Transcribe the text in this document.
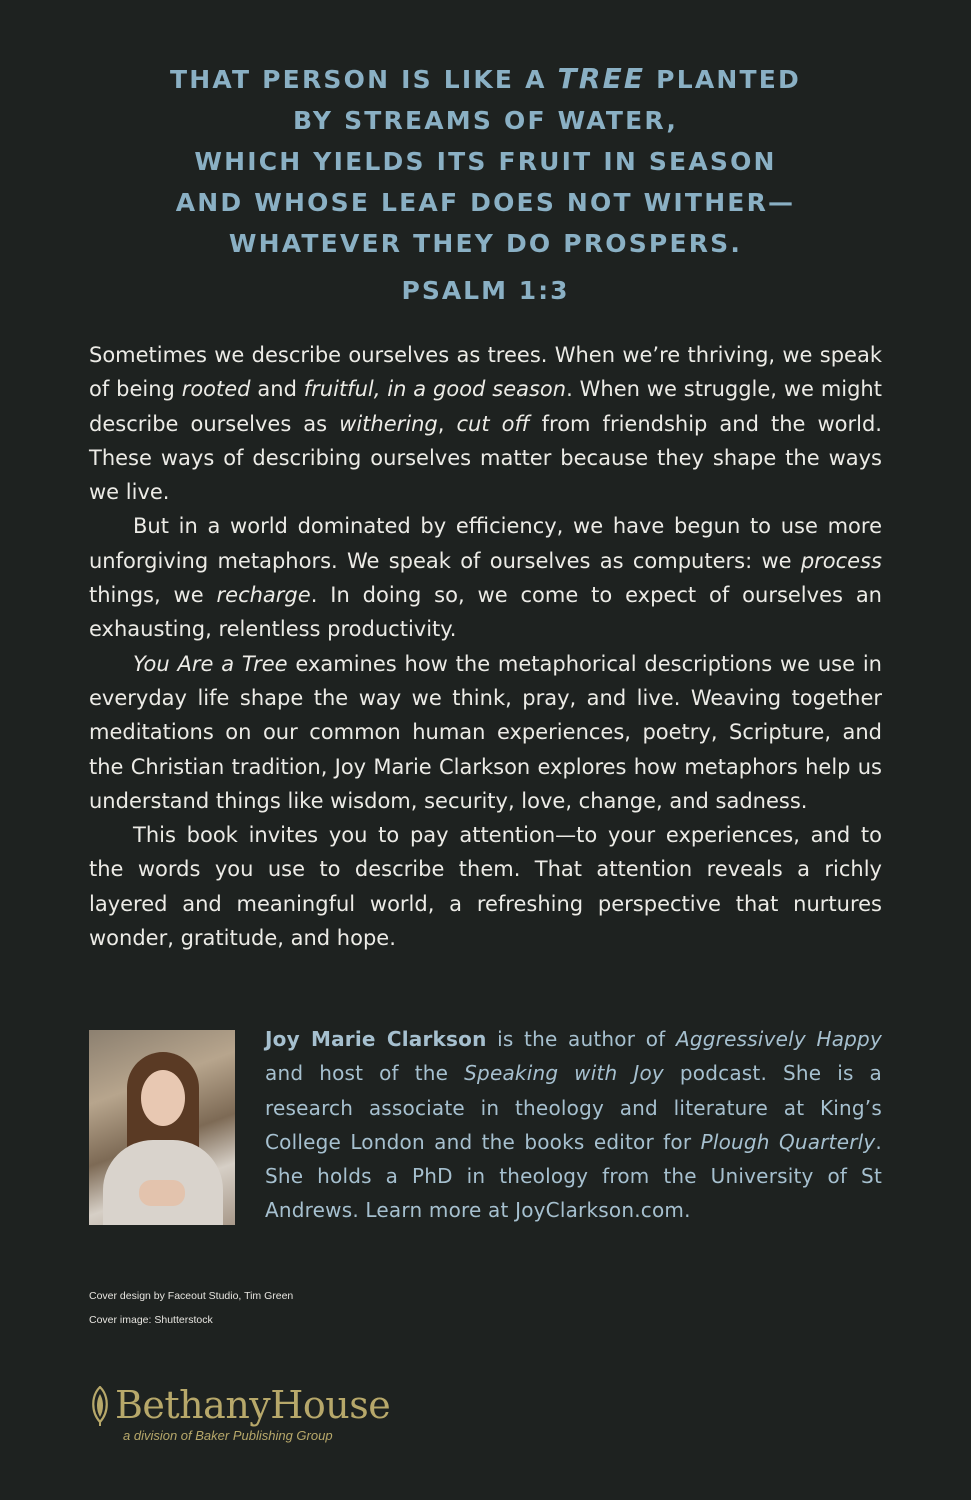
THAT PERSON IS LIKE A TREE PLANTED
BY STREAMS OF WATER,
WHICH YIELDS ITS FRUIT IN SEASON
AND WHOSE LEAF DOES NOT WITHER—
WHATEVER THEY DO PROSPERS.
PSALM 1:3

Sometimes we describe ourselves as trees. When we’re thriving, we speak of being rooted and fruitful, in a good season. When we struggle, we might describe ourselves as withering, cut off from friendship and the world. These ways of describing ourselves matter because they shape the ways we live.

But in a world dominated by efficiency, we have begun to use more unforgiving metaphors. We speak of ourselves as computers: we process things, we recharge. In doing so, we come to expect of ourselves an exhausting, relentless productivity.

You Are a Tree examines how the metaphorical descriptions we use in everyday life shape the way we think, pray, and live. Weaving together meditations on our common human experiences, poetry, Scripture, and the Christian tradition, Joy Marie Clarkson explores how metaphors help us understand things like wisdom, security, love, change, and sadness.

This book invites you to pay attention—to your experiences, and to the words you use to describe them. That attention reveals a richly layered and meaningful world, a refreshing perspective that nurtures wonder, gratitude, and hope.

Joy Marie Clarkson is the author of Aggressively Happy and host of the Speaking with Joy podcast. She is a research associate in theology and literature at King’s College London and the books editor for Plough Quarterly. She holds a PhD in theology from the University of St Andrews. Learn more at JoyClarkson.com.
Cover design by Faceout Studio, Tim Green
Cover image: Shutterstock
BethanyHouse
a division of Baker Publishing Group
